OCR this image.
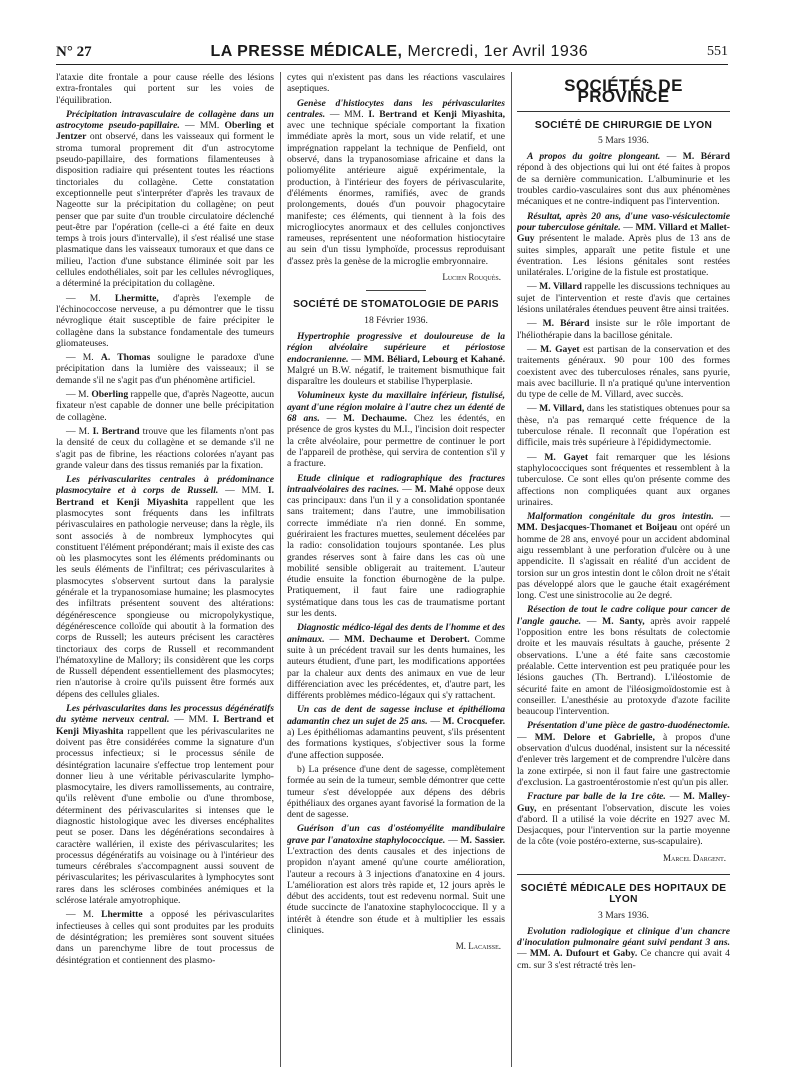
N° 27	LA PRESSE MÉDICALE, Mercredi, 1er Avril 1936	551

l'ataxie dite frontale a pour cause réelle des lésions extra-frontales qui portent sur les voies de l'équilibration.

Précipitation intravasculaire de collagène dans un astrocytome pseudo-papillaire. — MM. Oberling et Jentzer ont observé, dans les vaisseaux qui forment le stroma tumoral proprement dit d'un astrocytome pseudo-papillaire, des formations filamenteuses à disposition radiaire qui présentent toutes les réactions tinctoriales du collagène. Cette constatation exceptionnelle peut s'interpréter d'après les travaux de Nageotte sur la précipitation du collagène; on peut penser que par suite d'un trouble circulatoire déclenché peut-être par l'opération (celle-ci a été faite en deux temps à trois jours d'intervalle), il s'est réalisé une stase plasmatique dans les vaisseaux tumoraux et que dans ce milieu, l'action d'une substance éliminée soit par les cellules endothéliales, soit par les cellules névrogliques, a déterminé la précipitation du collagène.

— M. Lhermitte, d'après l'exemple de l'échinococcose nerveuse, a pu démontrer que le tissu névroglique était susceptible de faire précipiter le collagène dans la substance fondamentale des tumeurs gliomateuses.

— M. A. Thomas souligne le paradoxe d'une précipitation dans la lumière des vaisseaux; il se demande s'il ne s'agit pas d'un phénomène artificiel.

— M. Oberling rappelle que, d'après Nageotte, aucun fixateur n'est capable de donner une belle précipitation de collagène.

— M. I. Bertrand trouve que les filaments n'ont pas la densité de ceux du collagène et se demande s'il ne s'agit pas de fibrine, les réactions colorées n'ayant pas grande valeur dans des tissus remaniés par la fixation.

Les périvascularites centrales à prédominance plasmocytaire et à corps de Russell. — MM. I. Bertrand et Kenji Miyashita rappellent que les plasmocytes sont fréquents dans les infiltrats périvasculaires en pathologie nerveuse; dans la règle, ils sont associés à de nombreux lymphocytes qui constituent l'élément prépondérant; mais il existe des cas où les plasmocytes sont les éléments prédominants ou les seuls éléments de l'infiltrat; ces périvascularites à plasmocytes s'observent surtout dans la paralysie générale et la trypanosomiase humaine; les plasmocytes des infiltrats présentent souvent des altérations: dégénérescence spongieuse ou micropolykystique, dégénérescence colloïde qui aboutit à la formation des corps de Russell; les auteurs précisent les caractères tinctoriaux des corps de Russell et recommandent l'hématoxyline de Mallory; ils considèrent que les corps de Russell dépendent essentiellement des plasmocytes; rien n'autorise à croire qu'ils puissent être formés aux dépens des cellules gliales.

Les périvascularites dans les processus dégénératifs du sytème nerveux central. — MM. I. Bertrand et Kenji Miyashita rappellent que les périvascularites ne doivent pas être considérées comme la signature d'un processus infectieux; si le processus sénile de désintégration lacunaire s'effectue trop lentement pour donner lieu à une véritable périvascularite lympho-plasmocytaire, les divers ramollissements, au contraire, qu'ils relèvent d'une embolie ou d'une thrombose, déterminent des périvascularites si intenses que le diagnostic histologique avec les diverses encéphalites peut se poser. Dans les dégénérations secondaires à caractère wallérien, il existe des périvascularites; les processus dégénératifs au voisinage ou à l'intérieur des tumeurs cérébrales s'accompagnent aussi souvent de périvascularites; les périvascularites à lymphocytes sont rares dans les scléroses combinées anémiques et la sclérose latérale amyotrophique.

— M. Lhermitte a opposé les périvascularites infectieuses à celles qui sont produites par les produits de désintégration; les premières sont souvent situées dans un parenchyme libre de tout processus de désintégration et contiennent des plasmo-

cytes qui n'existent pas dans les réactions vasculaires aseptiques.

Genèse d'histiocytes dans les périvascularites centrales. — MM. I. Bertrand et Kenji Miyashita, avec une technique spéciale comportant la fixation immédiate après la mort, sous un vide relatif, et une imprégnation rappelant la technique de Penfield, ont observé, dans la trypanosomiase africaine et dans la poliomyélite antérieure aiguë expérimentale, la production, à l'intérieur des foyers de périvascularite, d'éléments énormes, ramifiés, avec de grands prolongements, doués d'un pouvoir phagocytaire manifeste; ces éléments, qui tiennent à la fois des microgliocytes anormaux et des cellules conjonctives rameuses, représentent une néoformation histiocytaire au sein d'un tissu lymphoïde, processus reproduisant d'assez près la genèse de la microglie embryonnaire.

Lucien Rouquès.

SOCIÉTÉ DE STOMATOLOGIE DE PARIS

18 Février 1936.

Hypertrophie progressive et douloureuse de la région alvéolaire supérieure et périostose endocranienne. — MM. Béliard, Lebourg et Kahané. Malgré un B.W. négatif, le traitement bismuthique fait disparaître les douleurs et stabilise l'hyperplasie.

Volumineux kyste du maxillaire inférieur, fistulisé, ayant d'une région molaire à l'autre chez un édenté de 68 ans. — M. Dechaume. Chez les édentés, en présence de gros kystes du M.I., l'incision doit respecter la crête alvéolaire, pour permettre de continuer le port de l'appareil de prothèse, qui servira de contention s'il y a fracture.

Etude clinique et radiographique des fractures intraalvéolaires des racines. — M. Mahé oppose deux cas principaux: dans l'un il y a consolidation spontanée sans traitement; dans l'autre, une immobilisation correcte immédiate n'a rien donné. En somme, guériraient les fractures muettes, seulement décelées par la radio: consolidation toujours spontanée. Les plus grandes réserves sont à faire dans les cas où une mobilité sensible obligerait au traitement. L'auteur étudie ensuite la fonction éburnogène de la pulpe. Pratiquement, il faut faire une radiographie systématique dans tous les cas de traumatisme portant sur les dents.

Diagnostic médico-légal des dents de l'homme et des animaux. — MM. Dechaume et Derobert. Comme suite à un précédent travail sur les dents humaines, les auteurs étudient, d'une part, les modifications apportées par la chaleur aux dents des animaux en vue de leur différenciation avec les précédentes, et, d'autre part, les différents problèmes médico-légaux qui s'y rattachent.

Un cas de dent de sagesse incluse et épithélioma adamantin chez un sujet de 25 ans. — M. Crocquefer. a) Les épithéliomas adamantins peuvent, s'ils présentent des formations kystiques, s'objectiver sous la forme d'une affection supposée.

b) La présence d'une dent de sagesse, complètement formée au sein de la tumeur, semble démontrer que cette tumeur s'est développée aux dépens des débris épithéliaux des organes ayant favorisé la formation de la dent de sagesse.

Guérison d'un cas d'ostéomyélite mandibulaire grave par l'anatoxine staphylococcique. — M. Sassier. L'extraction des dents causales et des injections de propidon n'ayant amené qu'une courte amélioration, l'auteur a recours à 3 injections d'anatoxine en 4 jours. L'amélioration est alors très rapide et, 12 jours après le début des accidents, tout est redevenu normal. Suit une étude succincte de l'anatoxine staphylococcique. Il y a intérêt à étendre son étude et à multiplier les essais cliniques.

M. Lacaisse.

SOCIÉTÉS DE PROVINCE

SOCIÉTÉ DE CHIRURGIE DE LYON

5 Mars 1936.

A propos du goitre plongeant. — M. Bérard répond à des objections qui lui ont été faites à propos de sa dernière communication. L'albuminurie et les troubles cardio-vasculaires sont dus aux phénomènes mécaniques et ne contre-indiquent pas l'intervention.

Résultat, après 20 ans, d'une vaso-vésiculectomie pour tuberculose génitale. — MM. Villard et Mallet-Guy présentent le malade. Après plus de 13 ans de suites simples, apparaît une petite fistule et une éventration. Les lésions génitales sont restées unilatérales. L'origine de la fistule est prostatique.

— M. Villard rappelle les discussions techniques au sujet de l'intervention et reste d'avis que certaines lésions unilatérales étendues peuvent être ainsi traitées.

— M. Bérard insiste sur le rôle important de l'héliothérapie dans la bacillose génitale.

— M. Gayet est partisan de la conservation et des traitements généraux. 90 pour 100 des formes coexistent avec des tuberculoses rénales, sans pyurie, mais avec bacillurie. Il n'a pratiqué qu'une intervention du type de celle de M. Villard, avec succès.

— M. Villard, dans les statistiques obtenues pour sa thèse, n'a pas remarqué cette fréquence de la tuberculose rénale. Il reconnaît que l'opération est difficile, mais très supérieure à l'épididymectomie.

— M. Gayet fait remarquer que les lésions staphylococciques sont fréquentes et ressemblent à la tuberculose. Ce sont elles qu'on présente comme des affections non compliquées quant aux organes urinaires.

Malformation congénitale du gros intestin. — MM. Desjacques-Thomanet et Boijeau ont opéré un homme de 28 ans, envoyé pour un accident abdominal aigu ressemblant à une perforation d'ulcère ou à une appendicite. Il s'agissait en réalité d'un accident de torsion sur un gros intestin dont le côlon droit ne s'était pas développé alors que le gauche était exagérément long. C'est une sinistrocolie au 2e degré.

Résection de tout le cadre colique pour cancer de l'angle gauche. — M. Santy, après avoir rappelé l'opposition entre les bons résultats de colectomie droite et les mauvais résultats à gauche, présente 2 observations. L'une a été faite sans cæcostomie préalable. Cette intervention est peu pratiquée pour les lésions gauches (Th. Bertrand). L'iléostomie de sécurité faite en amont de l'iléosigmoïdostomie est à conseiller. L'anesthésie au protoxyde d'azote facilite beaucoup l'intervention.

Présentation d'une pièce de gastro-duodénectomie. — MM. Delore et Gabrielle, à propos d'une observation d'ulcus duodénal, insistent sur la nécessité d'enlever très largement et de comprendre l'ulcère dans la zone extirpée, si non il faut faire une gastrectomie d'exclusion. La gastroentérostomie n'est qu'un pis aller.

Fracture par balle de la 1re côte. — M. Malley-Guy, en présentant l'observation, discute les voies d'abord. Il a utilisé la voie décrite en 1927 avec M. Desjacques, pour l'intervention sur la partie moyenne de la côte (voie postéro-externe, sus-scapulaire).

Marcel Dargent.

SOCIÉTÉ MÉDICALE DES HOPITAUX DE LYON

3 Mars 1936.

Evolution radiologique et clinique d'un chancre d'inoculation pulmonaire géant suivi pendant 3 ans. — MM. A. Dufourt et Gaby. Ce chancre qui avait 4 cm. sur 3 s'est rétracté très len-
